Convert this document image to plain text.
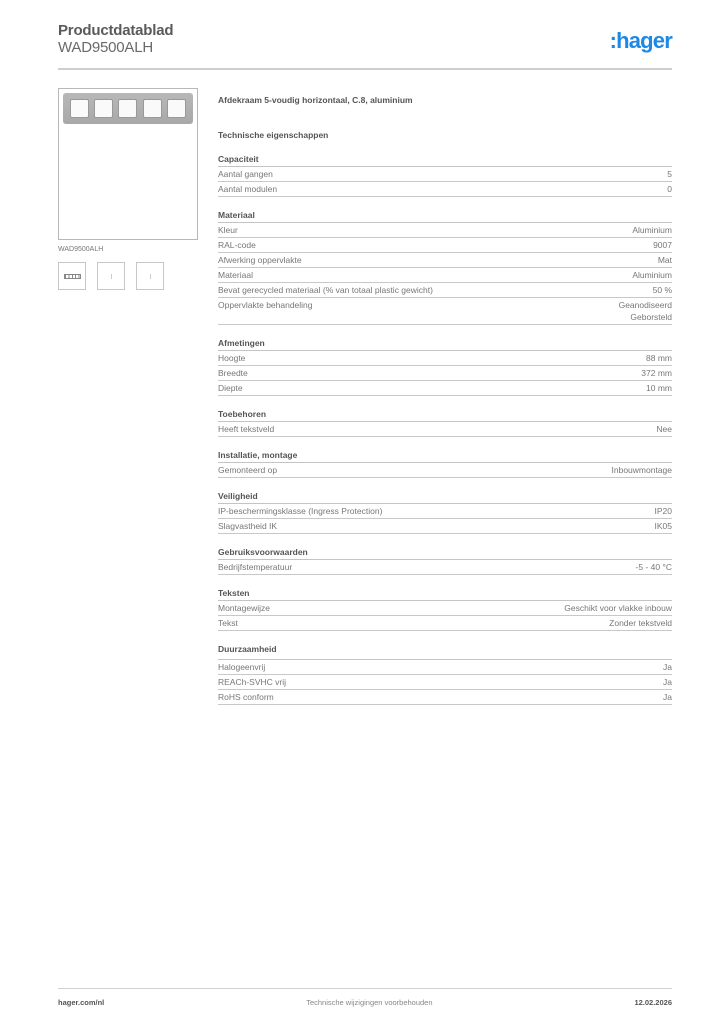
Productdatablad
WAD9500ALH	:hager
WAD9500ALH
Afdekraam 5-voudig horizontaal, C.8, aluminium
Technische eigenschappen
Capaciteit
Aantal gangen	5
Aantal modulen	0
Materiaal
Kleur	Aluminium
RAL-code	9007
Afwerking oppervlakte	Mat
Materiaal	Aluminium
Bevat gerecycled materiaal (% van totaal plastic gewicht)	50 %
Oppervlakte behandeling	Geanodiseerd
Geborsteld
Afmetingen
Hoogte	88 mm
Breedte	372 mm
Diepte	10 mm
Toebehoren
Heeft tekstveld	Nee
Installatie, montage
Gemonteerd op	Inbouwmontage
Veiligheid
IP-beschermingsklasse (Ingress Protection)	IP20
Slagvastheid IK	IK05
Gebruiksvoorwaarden
Bedrijfstemperatuur	-5 - 40 °C
Teksten
Montagewijze	Geschikt voor vlakke inbouw
Tekst	Zonder tekstveld
Duurzaamheid
Halogeenvrij	Ja
REACh-SVHC vrij	Ja
RoHS conform	Ja
hager.com/nl	Technische wijzigingen voorbehouden	12.02.2026
